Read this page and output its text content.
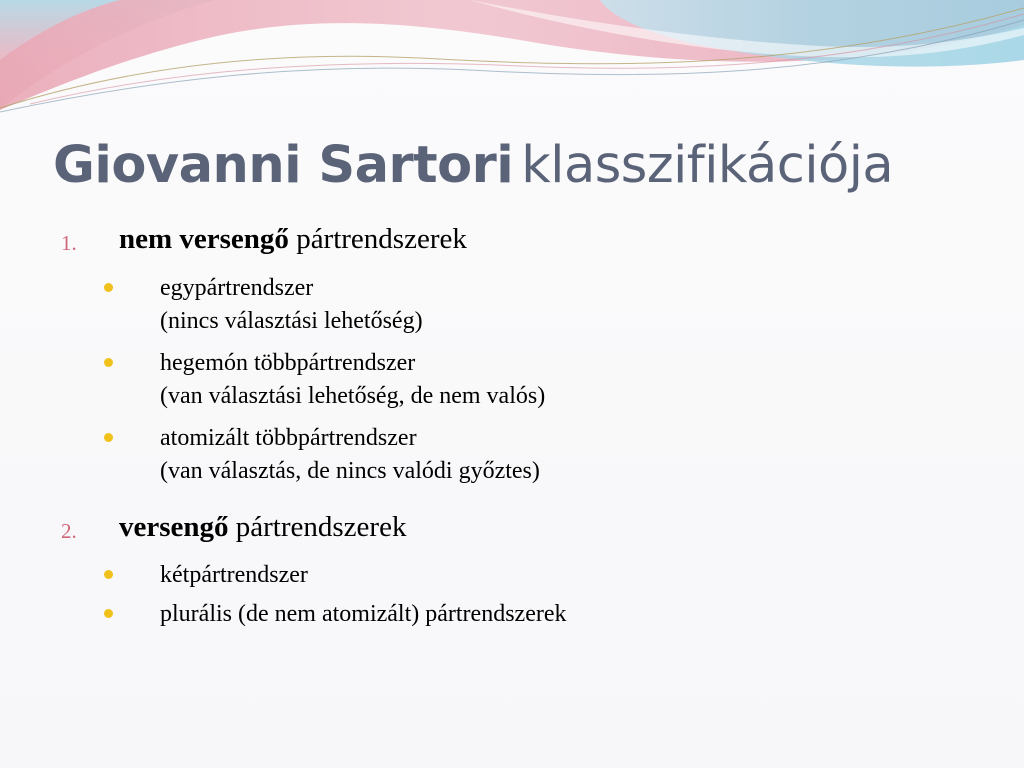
Giovanni Sartori klasszifikációja
1. nem versengő pártrendszerek
egypártrendszer
(nincs választási lehetőség)
hegemón többpártrendszer
(van választási lehetőség, de nem valós)
atomizált többpártrendszer
(van választás, de nincs valódi győztes)
2. versengő pártrendszerek
kétpártrendszer
plurális (de nem atomizált) pártrendszerek
